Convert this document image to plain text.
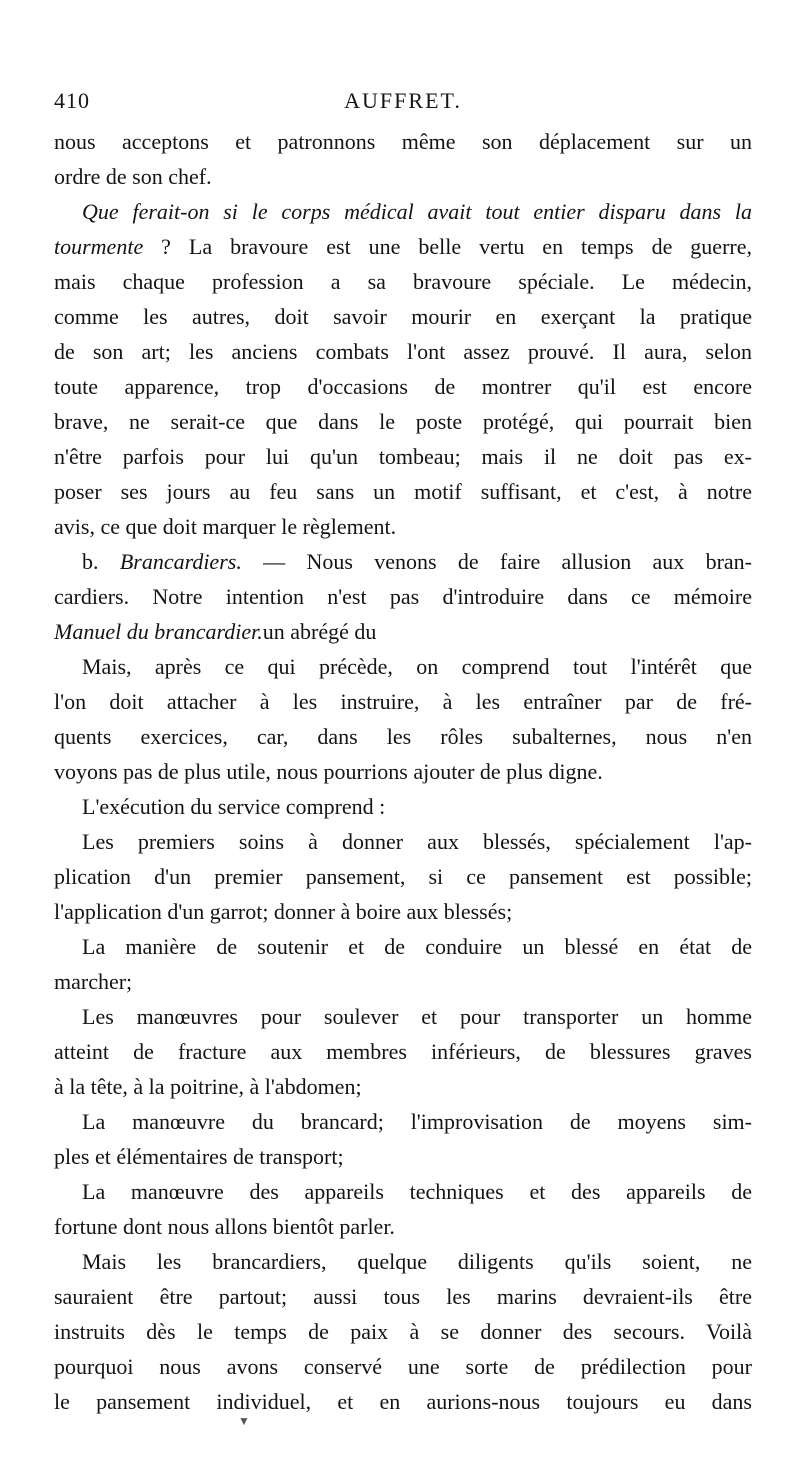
410	AUFFRET.
nous acceptons et patronnons même son déplacement sur un
ordre de son chef.
Que ferait-on si le corps médical avait tout entier disparu dans la
tourmente ? La bravoure est une belle vertu en temps de guerre,
mais chaque profession a sa bravoure spéciale. Le médecin,
comme les autres, doit savoir mourir en exerçant la pratique
de son art; les anciens combats l'ont assez prouvé. Il aura, selon
toute apparence, trop d'occasions de montrer qu'il est encore
brave, ne serait-ce que dans le poste protégé, qui pourrait bien
n'être parfois pour lui qu'un tombeau; mais il ne doit pas ex-
poser ses jours au feu sans un motif suffisant, et c'est, à notre
avis, ce que doit marquer le règlement.
b. Brancardiers. — Nous venons de faire allusion aux bran-
cardiers. Notre intention n'est pas d'introduire dans ce mémoire
Manuel du brancardier.un abrégé du
Mais, après ce qui précède, on comprend tout l'intérêt que
l'on doit attacher à les instruire, à les entraîner par de fré-
quents exercices, car, dans les rôles subalternes, nous n'en
voyons pas de plus utile, nous pourrions ajouter de plus digne.
L'exécution du service comprend :
Les premiers soins à donner aux blessés, spécialement l'ap-
plication d'un premier pansement, si ce pansement est possible;
l'application d'un garrot; donner à boire aux blessés;
La manière de soutenir et de conduire un blessé en état de
marcher;
Les manœuvres pour soulever et pour transporter un homme
atteint de fracture aux membres inférieurs, de blessures graves
à la tête, à la poitrine, à l'abdomen;
La manœuvre du brancard; l'improvisation de moyens sim-
ples et élémentaires de transport;
La manœuvre des appareils techniques et des appareils de
fortune dont nous allons bientôt parler.
Mais les brancardiers, quelque diligents qu'ils soient, ne
sauraient être partout; aussi tous les marins devraient-ils être
instruits dès le temps de paix à se donner des secours. Voilà
pourquoi nous avons conservé une sorte de prédilection pour
le pansement individuel, et en aurions-nous toujours eu dans
▼
